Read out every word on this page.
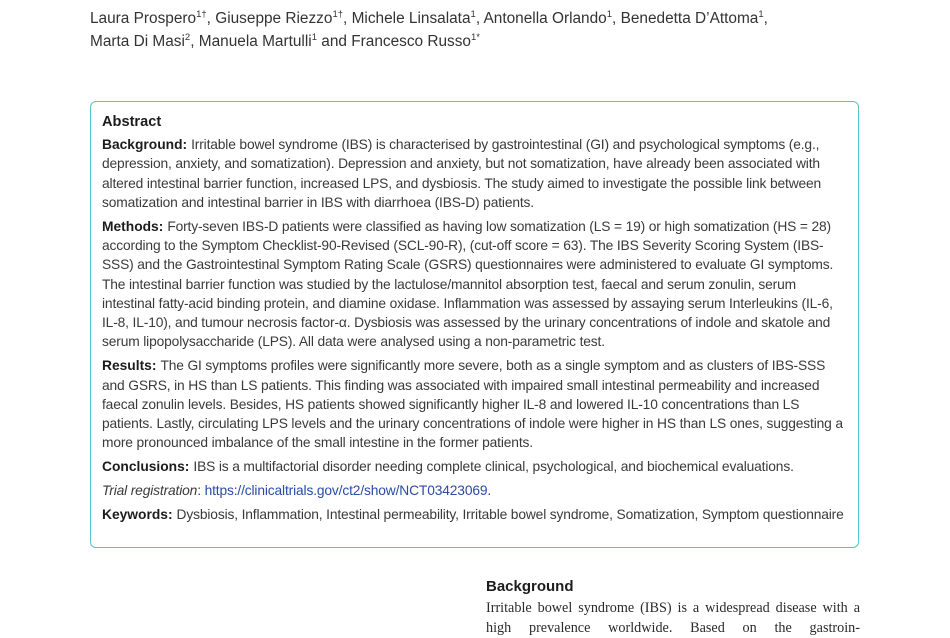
Laura Prospero$^{1\dagger}$, Giuseppe Riezzo$^{1\dagger}$, Michele Linsalata$^1$, Antonella Orlando$^1$, Benedetta D’Attoma$^1$,
Marta Di Masi$^2$, Manuela Martulli$^1$ and Francesco Russo$^{1*}$
Abstract

Background: Irritable bowel syndrome (IBS) is characterised by gastrointestinal (GI) and psychological symptoms (e.g., depression, anxiety, and somatization). Depression and anxiety, but not somatization, have already been associated with altered intestinal barrier function, increased LPS, and dysbiosis. The study aimed to investigate the possible link between somatization and intestinal barrier in IBS with diarrhoea (IBS-D) patients.

Methods: Forty-seven IBS-D patients were classified as having low somatization (LS = 19) or high somatization (HS = 28) according to the Symptom Checklist-90-Revised (SCL-90-R), (cut-off score = 63). The IBS Severity Scoring System (IBS-SSS) and the Gastrointestinal Symptom Rating Scale (GSRS) questionnaires were administered to evaluate GI symptoms. The intestinal barrier function was studied by the lactulose/mannitol absorption test, faecal and serum zonulin, serum intestinal fatty-acid binding protein, and diamine oxidase. Inflammation was assessed by assaying serum Interleukins (IL-6, IL-8, IL-10), and tumour necrosis factor-α. Dysbiosis was assessed by the urinary concentrations of indole and skatole and serum lipopolysaccharide (LPS). All data were analysed using a non-parametric test.

Results: The GI symptoms profiles were significantly more severe, both as a single symptom and as clusters of IBS-SSS and GSRS, in HS than LS patients. This finding was associated with impaired small intestinal permeability and increased faecal zonulin levels. Besides, HS patients showed significantly higher IL-8 and lowered IL-10 concentrations than LS patients. Lastly, circulating LPS levels and the urinary concentrations of indole were higher in HS than LS ones, suggesting a more pronounced imbalance of the small intestine in the former patients.

Conclusions: IBS is a multifactorial disorder needing complete clinical, psychological, and biochemical evaluations.

Trial registration: https://clinicaltrials.gov/ct2/show/NCT03423069.

Keywords: Dysbiosis, Inflammation, Intestinal permeability, Irritable bowel syndrome, Somatization, Symptom questionnaire

Background
Irritable bowel syndrome (IBS) is a widespread disease with a high prevalence worldwide. Based on the gastroin-
